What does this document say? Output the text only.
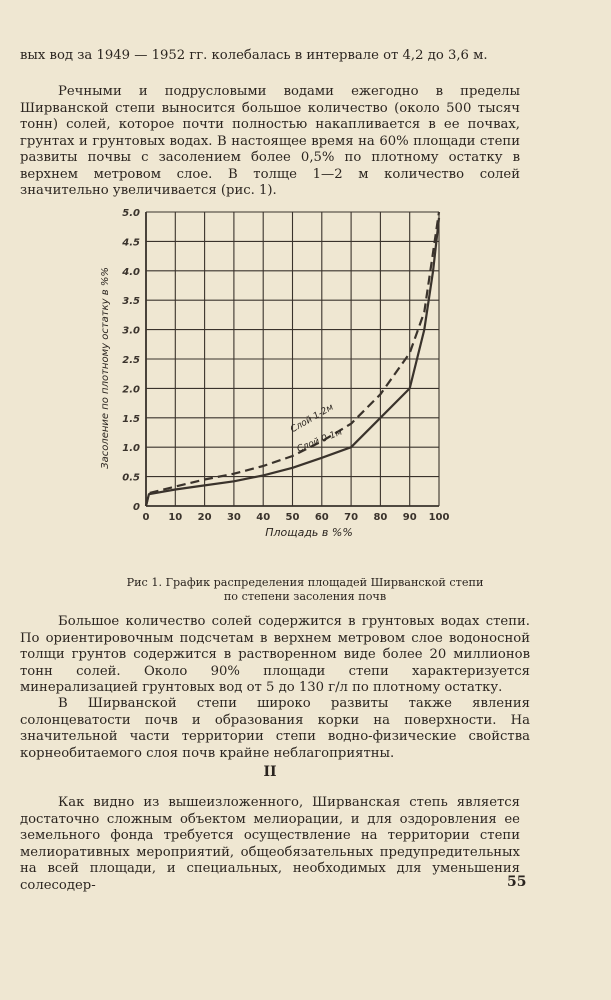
вых вод за 1949 — 1952 гг. колебалась в интервале от 4,2 до 3,6 м.

Речными и подрусловыми водами ежегодно в пределы Ширванской степи выносится большое количество (около 500 тысяч тонн) солей, которое почти полностью накапливается в ее почвах, грунтах и грунтовых водах. В настоящее время на 60% площади степи развиты почвы с засолением более 0,5% по плотному остатку в верхнем метровом слое. В толще 1—2 м количество солей значительно увеличивается (рис. 1).

0 10 20 30 40 50 60 70 80 90 100
0
0.5
1.0
1.5
2.0
2.5
3.0
3.5
4.0
4.5
5.0
Площадь в %%
Засоление по плотному остатку в %%	Слой 1-2м
Слой 0-1м
Рис 1. График распределения площадей Ширванской степи
по степени засоления почв

Большое количество солей содержится в грунтовых водах степи. По ориентировочным подсчетам в верхнем метровом слое водоносной толщи грунтов содержится в растворенном виде более 20 миллионов тонн солей. Около 90% площади степи характеризуется минерализацией грунтовых вод от 5 до 130 г/л по плотному остатку.

В Ширванской степи широко развиты также явления солонцеватости почв и образования корки на поверхности. На значительной части территории степи водно-физические свойства корнеобитаемого слоя почв крайне неблагоприятны.

II

Как видно из вышеизложенного, Ширванская степь является достаточно сложным объектом мелиорации, и для оздоровления ее земельного фонда требуется осуществление на территории степи мелиоративных мероприятий, общеобязательных предупредительных на всей площади, и специальных, необходимых для уменьшения солесодер-	55
